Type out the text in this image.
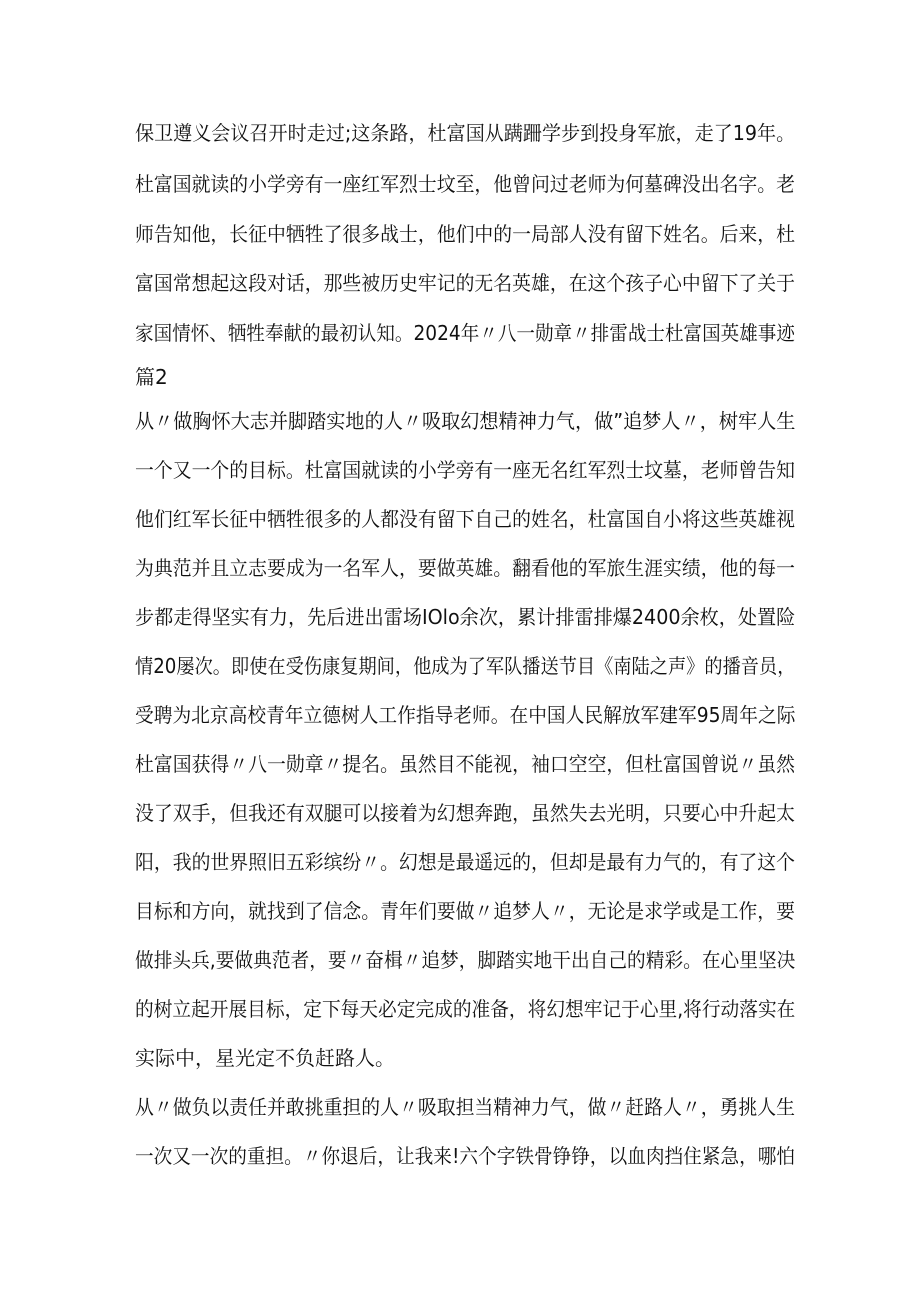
保卫遵义会议召开时走过;这条路，杜富国从蹒跚学步到投身军旅，走了19年。
杜富国就读的小学旁有一座红军烈士坟至，他曾问过老师为何墓碑没出名字。老
师告知他，长征中牺牲了很多战士，他们中的一局部人没有留下姓名。后来，杜
富国常想起这段对话，那些被历史牢记的无名英雄，在这个孩子心中留下了关于
家国情怀、牺牲奉献的最初认知。2024年〃八一勋章〃排雷战士杜富国英雄事迹
篇2
从〃做胸怀大志并脚踏实地的人〃吸取幻想精神力气，做”追梦人〃，树牢人生
一个又一个的目标。杜富国就读的小学旁有一座无名红军烈士坟墓，老师曾告知
他们红军长征中牺牲很多的人都没有留下自己的姓名，杜富国自小将这些英雄视
为典范并且立志要成为一名军人，要做英雄。翻看他的军旅生涯实绩，他的每一
步都走得坚实有力，先后进出雷场IOlo余次，累计排雷排爆2400余枚，处置险
情20屡次。即使在受伤康复期间，他成为了军队播送节目《南陆之声》的播音员，
受聘为北京高校青年立德树人工作指导老师。在中国人民解放军建军95周年之际
杜富国获得〃八一勋章〃提名。虽然目不能视，袖口空空，但杜富国曾说〃虽然
没了双手，但我还有双腿可以接着为幻想奔跑，虽然失去光明，只要心中升起太
阳，我的世界照旧五彩缤纷〃。幻想是最遥远的，但却是最有力气的，有了这个
目标和方向，就找到了信念。青年们要做〃追梦人〃，无论是求学或是工作，要
做排头兵,要做典范者，要〃奋楫〃追梦，脚踏实地干出自己的精彩。在心里坚决
的树立起开展目标，定下每天必定完成的准备，将幻想牢记于心里,将行动落实在
实际中，星光定不负赶路人。
从〃做负以责任并敢挑重担的人〃吸取担当精神力气，做〃赶路人〃，勇挑人生
一次又一次的重担。〃你退后，让我来!六个字铁骨铮铮，以血肉挡住紧急，哪怕
